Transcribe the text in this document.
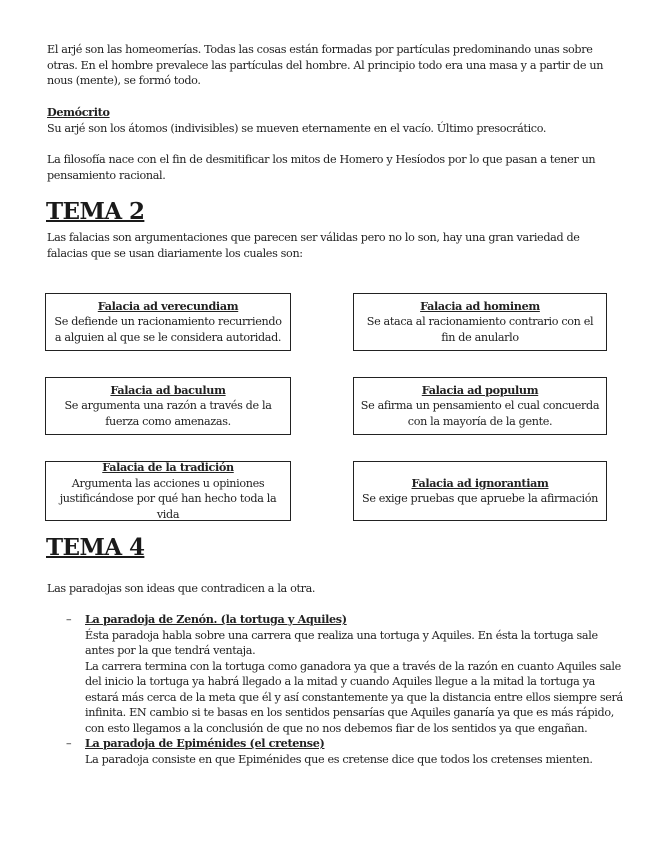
El arjé son las homeomerías. Todas las cosas están formadas por partículas predominando unas sobre otras. En el hombre prevalece las partículas del hombre. Al principio todo era una masa y a partir de un nous (mente), se formó todo.

Demócrito
Su arjé son los átomos (indivisibles) se mueven eternamente en el vacío. Último presocrático.

La filosofía nace con el fin de desmitificar los mitos de Homero y Hesíodos por lo que pasan a tener un pensamiento racional.

TEMA 2

Las falacias son argumentaciones que parecen ser válidas pero no lo son, hay una gran variedad de falacias que se usan diariamente los cuales son:

Falacia ad verecundiam
Se defiende un racionamiento recurriendo a alguien al que se le considera autoridad.
Falacia ad hominem
Se ataca al racionamiento contrario con el fin de anularlo
Falacia ad baculum
Se argumenta una razón a través de la fuerza como amenazas.
Falacia ad populum
Se afirma un pensamiento el cual concuerda con la mayoría de la gente.
Falacia de la tradición
Argumenta las acciones u opiniones justificándose por qué han hecho toda la vida
Falacia ad ignorantiam
Se exige pruebas que apruebe la afirmación
TEMA 4

Las paradojas son ideas que contradicen a la otra.

– La paradoja de Zenón. (la tortuga y Aquiles)
Ésta paradoja habla sobre una carrera que realiza una tortuga y Aquiles. En ésta la tortuga sale antes por la que tendrá ventaja.
La carrera termina con la tortuga como ganadora ya que a través de la razón en cuanto Aquiles sale del inicio la tortuga ya habrá llegado a la mitad y cuando Aquiles llegue a la mitad la tortuga ya estará más cerca de la meta que él y así constantemente ya que la distancia entre ellos siempre será infinita. EN cambio si te basas en los sentidos pensarías que Aquiles ganaría ya que es más rápido, con esto llegamos a la conclusión de que no nos debemos fiar de los sentidos ya que engañan.
– La paradoja de Epiménides (el cretense)
La paradoja consiste en que Epiménides que es cretense dice que todos los cretenses mienten.
